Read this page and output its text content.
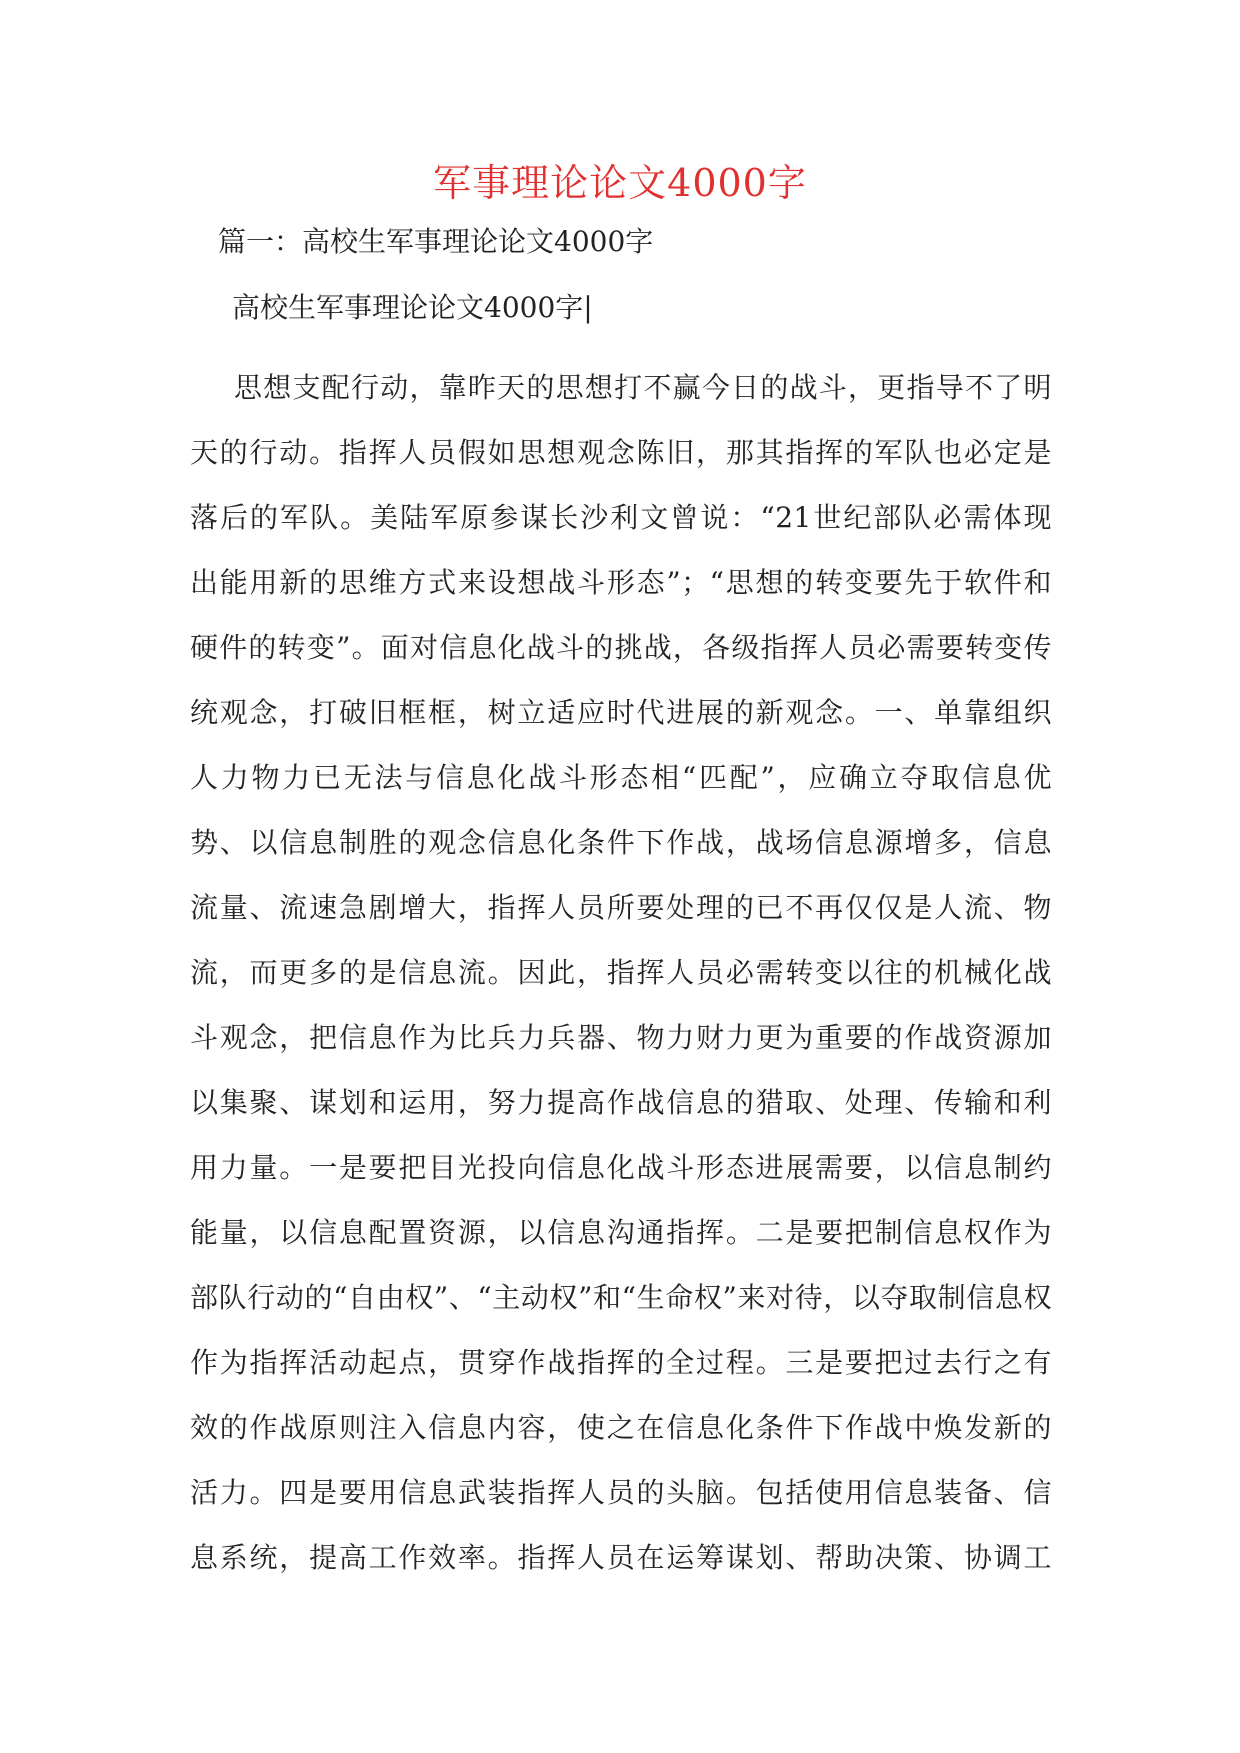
军事理论论文4000字
篇一：高校生军事理论论文4000字
高校生军事理论论文4000字|
思想支配行动，靠昨天的思想打不赢今日的战斗，更指导不了明
天的行动。指挥人员假如思想观念陈旧，那其指挥的军队也必定是
落后的军队。美陆军原参谋长沙利文曾说：“21世纪部队必需体现
出能用新的思维方式来设想战斗形态”；“思想的转变要先于软件和
硬件的转变”。面对信息化战斗的挑战，各级指挥人员必需要转变传
统观念，打破旧框框，树立适应时代进展的新观念。一、单靠组织
人力物力已无法与信息化战斗形态相“匹配”，应确立夺取信息优
势、以信息制胜的观念信息化条件下作战，战场信息源增多，信息
流量、流速急剧增大，指挥人员所要处理的已不再仅仅是人流、物
流，而更多的是信息流。因此，指挥人员必需转变以往的机械化战
斗观念，把信息作为比兵力兵器、物力财力更为重要的作战资源加
以集聚、谋划和运用，努力提高作战信息的猎取、处理、传输和利
用力量。一是要把目光投向信息化战斗形态进展需要，以信息制约
能量，以信息配置资源，以信息沟通指挥。二是要把制信息权作为
部队行动的“自由权”、“主动权”和“生命权”来对待，以夺取制信息权
作为指挥活动起点，贯穿作战指挥的全过程。三是要把过去行之有
效的作战原则注入信息内容，使之在信息化条件下作战中焕发新的
活力。四是要用信息武装指挥人员的头脑。包括使用信息装备、信
息系统，提高工作效率。指挥人员在运筹谋划、帮助决策、协调工
